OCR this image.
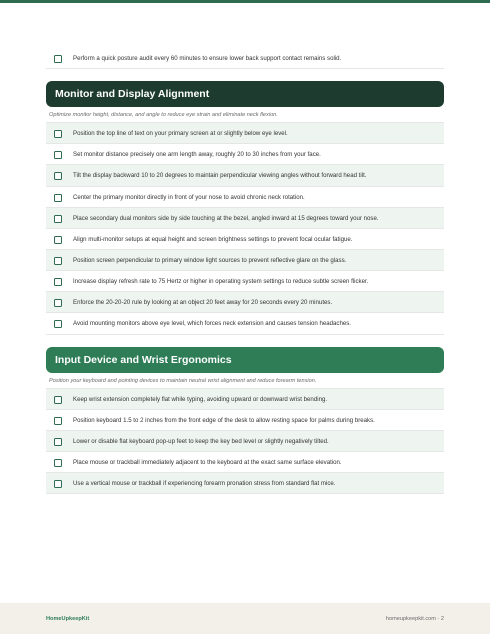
Perform a quick posture audit every 60 minutes to ensure lower back support contact remains solid.
Monitor and Display Alignment
Optimize monitor height, distance, and angle to reduce eye strain and eliminate neck flexion.
Position the top line of text on your primary screen at or slightly below eye level.
Set monitor distance precisely one arm length away, roughly 20 to 30 inches from your face.
Tilt the display backward 10 to 20 degrees to maintain perpendicular viewing angles without forward head tilt.
Center the primary monitor directly in front of your nose to avoid chronic neck rotation.
Place secondary dual monitors side by side touching at the bezel, angled inward at 15 degrees toward your nose.
Align multi-monitor setups at equal height and screen brightness settings to prevent focal ocular fatigue.
Position screen perpendicular to primary window light sources to prevent reflective glare on the glass.
Increase display refresh rate to 75 Hertz or higher in operating system settings to reduce subtle screen flicker.
Enforce the 20-20-20 rule by looking at an object 20 feet away for 20 seconds every 20 minutes.
Avoid mounting monitors above eye level, which forces neck extension and causes tension headaches.
Input Device and Wrist Ergonomics
Position your keyboard and pointing devices to maintain neutral wrist alignment and reduce forearm tension.
Keep wrist extension completely flat while typing, avoiding upward or downward wrist bending.
Position keyboard 1.5 to 2 inches from the front edge of the desk to allow resting space for palms during breaks.
Lower or disable flat keyboard pop-up feet to keep the key bed level or slightly negatively tilted.
Place mouse or trackball immediately adjacent to the keyboard at the exact same surface elevation.
Use a vertical mouse or trackball if experiencing forearm pronation stress from standard flat mice.
HomeUpkeepKit	homeupkeepkit.com · 2
